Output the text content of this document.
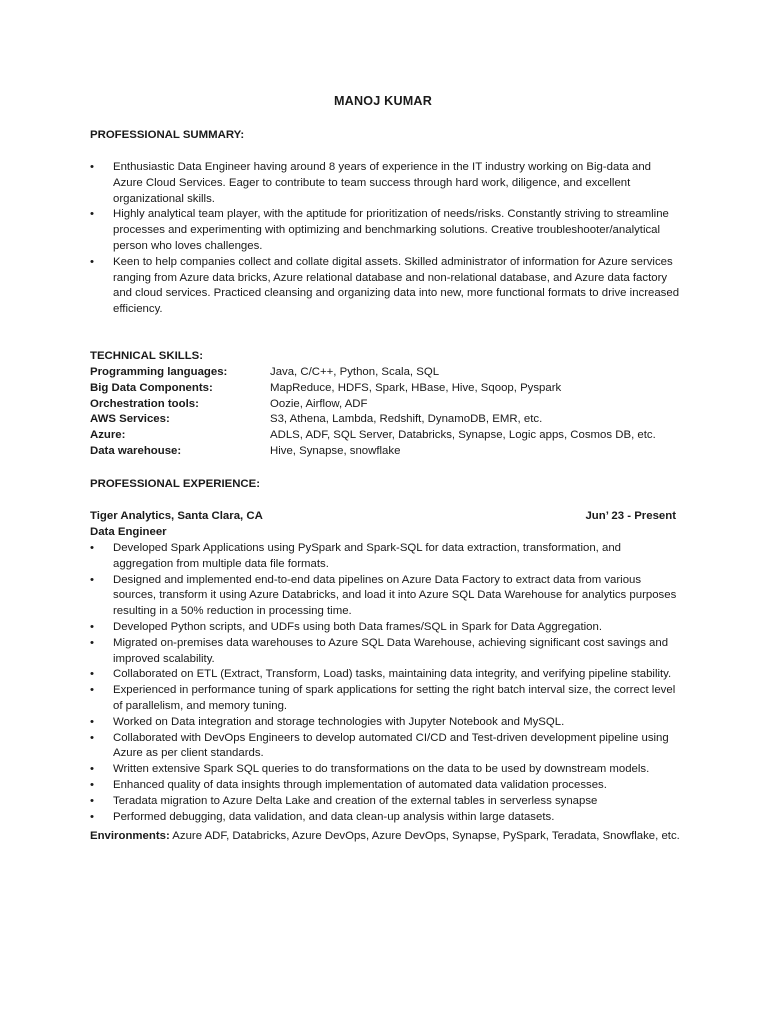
MANOJ KUMAR
PROFESSIONAL SUMMARY:
• Enthusiastic Data Engineer having around 8 years of experience in the IT industry working on Big-data and Azure Cloud Services. Eager to contribute to team success through hard work, diligence, and excellent organizational skills.
• Highly analytical team player, with the aptitude for prioritization of needs/risks. Constantly striving to streamline processes and experimenting with optimizing and benchmarking solutions. Creative troubleshooter/analytical person who loves challenges.
• Keen to help companies collect and collate digital assets. Skilled administrator of information for Azure services ranging from Azure data bricks, Azure relational database and non-relational database, and Azure data factory and cloud services. Practiced cleansing and organizing data into new, more functional formats to drive increased efficiency.
TECHNICAL SKILLS:
Programming languages:	Java, C/C++, Python, Scala, SQL
Big Data Components:	MapReduce, HDFS, Spark, HBase, Hive, Sqoop, Pyspark
Orchestration tools:	Oozie, Airflow, ADF
AWS Services:	S3, Athena, Lambda, Redshift, DynamoDB, EMR, etc.
Azure:	ADLS, ADF, SQL Server, Databricks, Synapse, Logic apps, Cosmos DB, etc.
Data warehouse:	Hive, Synapse, snowflake
PROFESSIONAL EXPERIENCE:
Tiger Analytics, Santa Clara, CA	Jun’ 23 - Present
Data Engineer
• Developed Spark Applications using PySpark and Spark-SQL for data extraction, transformation, and aggregation from multiple data file formats.
• Designed and implemented end-to-end data pipelines on Azure Data Factory to extract data from various sources, transform it using Azure Databricks, and load it into Azure SQL Data Warehouse for analytics purposes resulting in a 50% reduction in processing time.
• Developed Python scripts, and UDFs using both Data frames/SQL in Spark for Data Aggregation.
• Migrated on-premises data warehouses to Azure SQL Data Warehouse, achieving significant cost savings and improved scalability.
• Collaborated on ETL (Extract, Transform, Load) tasks, maintaining data integrity, and verifying pipeline stability.
• Experienced in performance tuning of spark applications for setting the right batch interval size, the correct level of parallelism, and memory tuning.
• Worked on Data integration and storage technologies with Jupyter Notebook and MySQL.
• Collaborated with DevOps Engineers to develop automated CI/CD and Test-driven development pipeline using Azure as per client standards.
• Written extensive Spark SQL queries to do transformations on the data to be used by downstream models.
• Enhanced quality of data insights through implementation of automated data validation processes.
• Teradata migration to Azure Delta Lake and creation of the external tables in serverless synapse
• Performed debugging, data validation, and data clean-up analysis within large datasets.
Environments: Azure ADF, Databricks, Azure DevOps, Azure DevOps, Synapse, PySpark, Teradata, Snowflake, etc.
